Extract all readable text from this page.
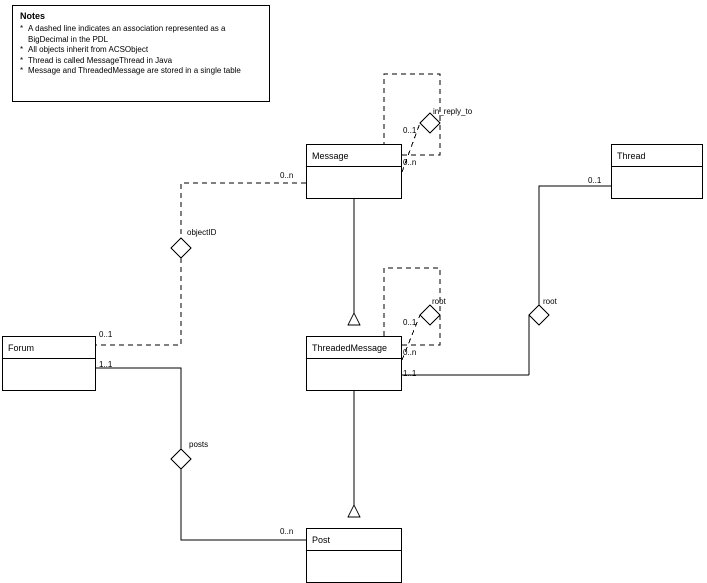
Notes
* A dashed line indicates an association represented as a BigDecimal in the PDL
* All objects inherit from ACSObject
* Thread is called MessageThread in Java
* Message and ThreadedMessage are stored in a single table
Message	Thread
Forum	ThreadedMessage
Post
in_reply_to
objectID
root	root
posts
0..1
0..n
0..n
0..1
0..1
0..1
1..1
0..n
1..1
0..n
